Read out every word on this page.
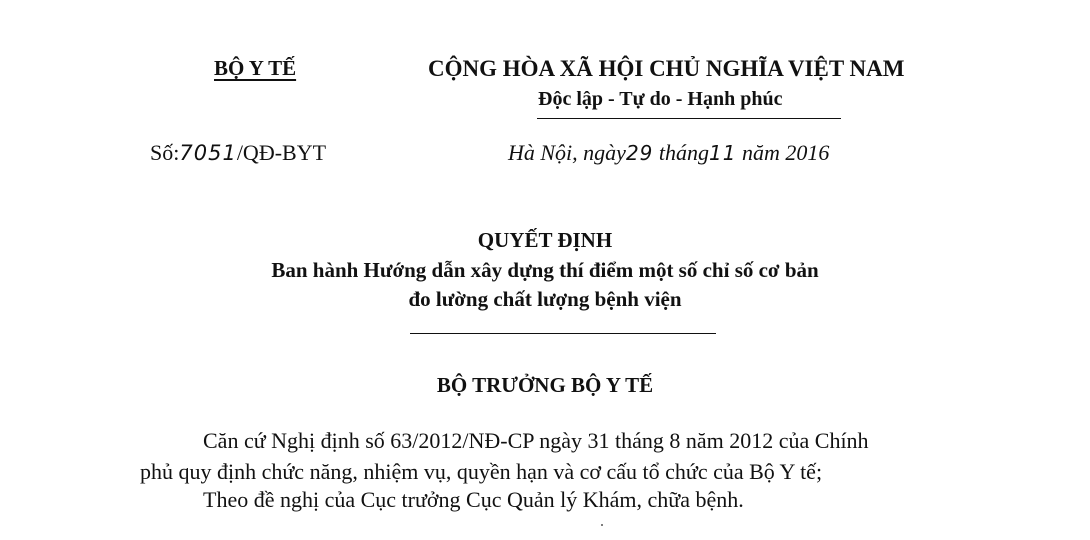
BỘ Y TẾ	CỘNG HÒA XÃ HỘI CHỦ NGHĨA VIỆT NAM
Độc lập - Tự do - Hạnh phúc
Số:7051/QĐ-BYT	Hà Nội, ngày29 tháng11 năm 2016
QUYẾT ĐỊNH
Ban hành Hướng dẫn xây dựng thí điểm một số chỉ số cơ bản
đo lường chất lượng bệnh viện
BỘ TRƯỞNG BỘ Y TẾ
Căn cứ Nghị định số 63/2012/NĐ-CP ngày 31 tháng 8 năm 2012 của Chính
phủ quy định chức năng, nhiệm vụ, quyền hạn và cơ cấu tổ chức của Bộ Y tế;
Theo đề nghị của Cục trưởng Cục Quản lý Khám, chữa bệnh.
